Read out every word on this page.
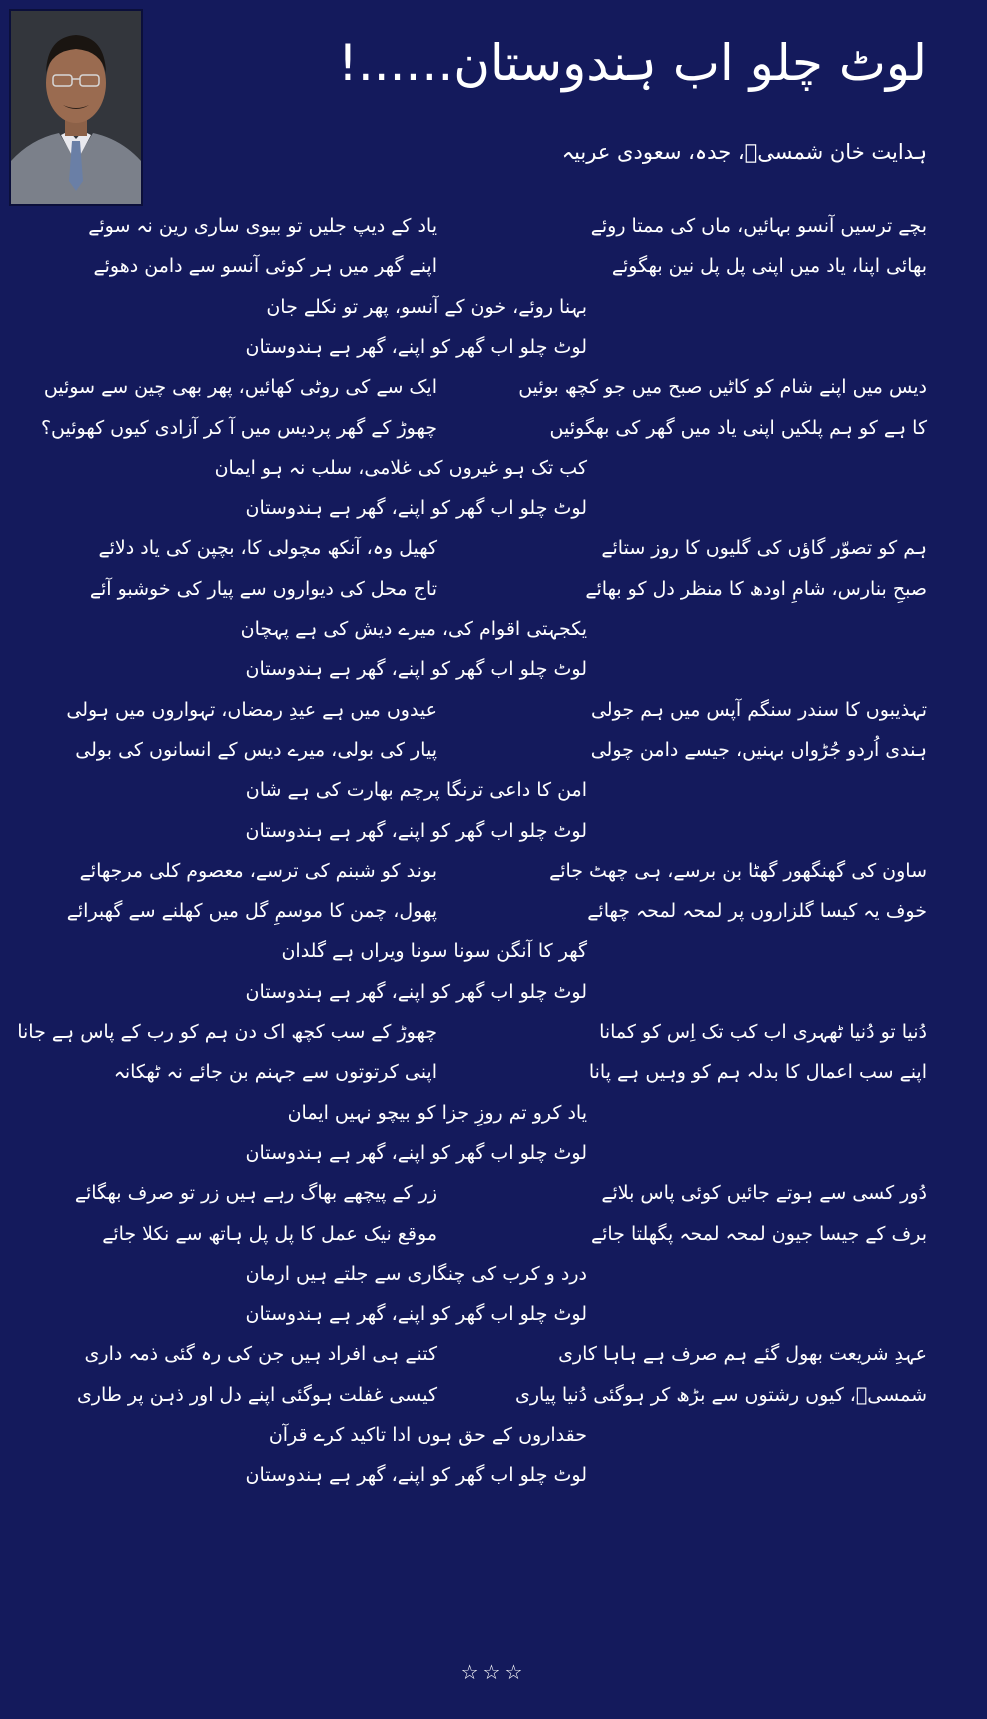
لوٹ چلو اب ہندوستان......!
ہدایت خان شمسیؔ، جدہ، سعودی عربیہ
بچے ترسیں آنسو بہائیں، ماں کی ممتا روئے
یاد کے دیپ جلیں تو بیوی ساری رین نہ سوئے
بھائی اپنا، یاد میں اپنی پل پل نین بھگوئے
اپنے گھر میں ہر کوئی آنسو سے دامن دھوئے
بہنا روئے، خون کے آنسو، پھر تو نکلے جان
لوٹ چلو اب گھر کو اپنے، گھر ہے ہندوستان
دیس میں اپنے شام کو کاٹیں صبح میں جو کچھ بوئیں
ایک سے کی روٹی کھائیں، پھر بھی چین سے سوئیں
کا ہے کو ہم پلکیں اپنی یاد میں گھر کی بھگوئیں
چھوڑ کے گھر پردیس میں آ کر آزادی کیوں کھوئیں؟
کب تک ہو غیروں کی غلامی، سلب نہ ہو ایمان
لوٹ چلو اب گھر کو اپنے، گھر ہے ہندوستان
ہم کو تصوّر گاؤں کی گلیوں کا روز ستائے
کھیل وہ، آنکھ مچولی کا، بچپن کی یاد دلائے
صبحِ بنارس، شامِ اودھ کا منظر دل کو بھائے
تاج محل کی دیواروں سے پیار کی خوشبو آئے
یکجہتی اقوام کی، میرے دیش کی ہے پہچان
لوٹ چلو اب گھر کو اپنے، گھر ہے ہندوستان
تہذیبوں کا سندر سنگم آپس میں ہم جولی
عیدوں میں ہے عیدِ رمضاں، تہواروں میں ہولی
ہندی اُردو جُڑواں بہنیں، جیسے دامن چولی
پیار کی بولی، میرے دیس کے انسانوں کی بولی
امن کا داعی ترنگا پرچم بھارت کی ہے شان
لوٹ چلو اب گھر کو اپنے، گھر ہے ہندوستان
ساون کی گھنگھور گھٹا بن برسے، ہی چھٹ جائے
بوند کو شبنم کی ترسے، معصوم کلی مرجھائے
خوف یہ کیسا گلزاروں پر لمحہ لمحہ چھائے
پھول، چمن کا موسمِ گل میں کھلنے سے گھبرائے
گھر کا آنگن سونا سونا ویراں ہے گلدان
لوٹ چلو اب گھر کو اپنے، گھر ہے ہندوستان
دُنیا تو دُنیا ٹھہری اب کب تک اِس کو کمانا
چھوڑ کے سب کچھ اک دن ہم کو رب کے پاس ہے جانا
اپنے سب اعمال کا بدلہ ہم کو وہیں ہے پانا
اپنی کرتوتوں سے جہنم بن جائے نہ ٹھکانہ
یاد کرو تم روزِ جزا کو بیچو نہیں ایمان
لوٹ چلو اب گھر کو اپنے، گھر ہے ہندوستان
دُور کسی سے ہوتے جائیں کوئی پاس بلائے
زر کے پیچھے بھاگ رہے ہیں زر تو صرف بھگائے
برف کے جیسا جیون لمحہ لمحہ پگھلتا جائے
موقع نیک عمل کا پل پل ہاتھ سے نکلا جائے
درد و کرب کی چنگاری سے جلتے ہیں ارمان
لوٹ چلو اب گھر کو اپنے، گھر ہے ہندوستان
عہدِ شریعت بھول گئے ہم صرف ہے ہاہا کاری
کتنے ہی افراد ہیں جن کی رہ گئی ذمہ داری
شمسیؔ، کیوں رشتوں سے بڑھ کر ہوگئی دُنیا پیاری
کیسی غفلت ہوگئی اپنے دل اور ذہن پر طاری
حقداروں کے حق ہوں ادا تاکید کرے قرآن
لوٹ چلو اب گھر کو اپنے، گھر ہے ہندوستان
☆☆☆
